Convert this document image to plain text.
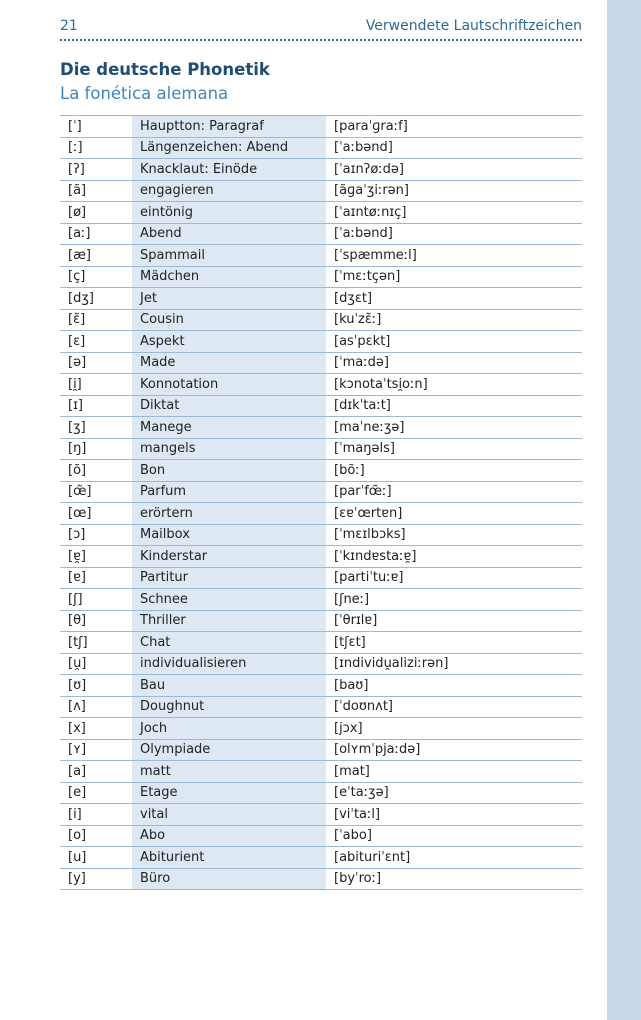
21	Verwendete Lautschriftzeichen
Die deutsche Phonetik
La fonética alemana
[ˈ]	Hauptton: Paragraf	[paraˈɡraːf]
[ː]	Längenzeichen: Abend	[ˈaːbənd]
[ʔ]	Knacklaut: Einöde	[ˈaɪnʔøːdə]
[ã]	engagieren	[ãɡaˈʒiːrən]
[ø]	eintönig	[ˈaɪntøːnɪç]
[aː]	Abend	[ˈaːbənd]
[æ]	Spammail	[ˈspæmmeːl]
[ç]	Mädchen	[ˈmɛːtçən]
[dʒ]	Jet	[dʒɛt]
[ɛ̃]	Cousin	[kuˈzɛ̃ː]
[ɛ]	Aspekt	[asˈpɛkt]
[ə]	Made	[ˈmaːdə]
[i̯]	Konnotation	[kɔnotaˈtsi̯oːn]
[ɪ]	Diktat	[dɪkˈtaːt]
[ʒ]	Manege	[maˈneːʒə]
[ŋ]	mangels	[ˈmaŋəls]
[õ]	Bon	[bõː]
[œ̃]	Parfum	[parˈfœ̃ː]
[œ]	erörtern	[ɛɐˈœrtɐn]
[ɔ]	Mailbox	[ˈmɛɪlbɔks]
[ɐ̯]	Kinderstar	[ˈkɪndɐstaːɐ̯]
[ɐ]	Partitur	[partiˈtuːɐ]
[ʃ]	Schnee	[ʃneː]
[θ]	Thriller	[ˈθrɪlɐ]
[tʃ]	Chat	[tʃɛt]
[u̯]	individualisieren	[ɪndividu̯aliziːrən]
[ʊ]	Bau	[baʊ]
[ʌ]	Doughnut	[ˈdoʊnʌt]
[x]	Joch	[jɔx]
[ʏ]	Olympiade	[olʏmˈpjaːdə]
[a]	matt	[mat]
[e]	Etage	[eˈtaːʒə]
[i]	vital	[viˈtaːl]
[o]	Abo	[ˈabo]
[u]	Abiturient	[abituriˈɛnt]
[y]	Büro	[byˈroː]
